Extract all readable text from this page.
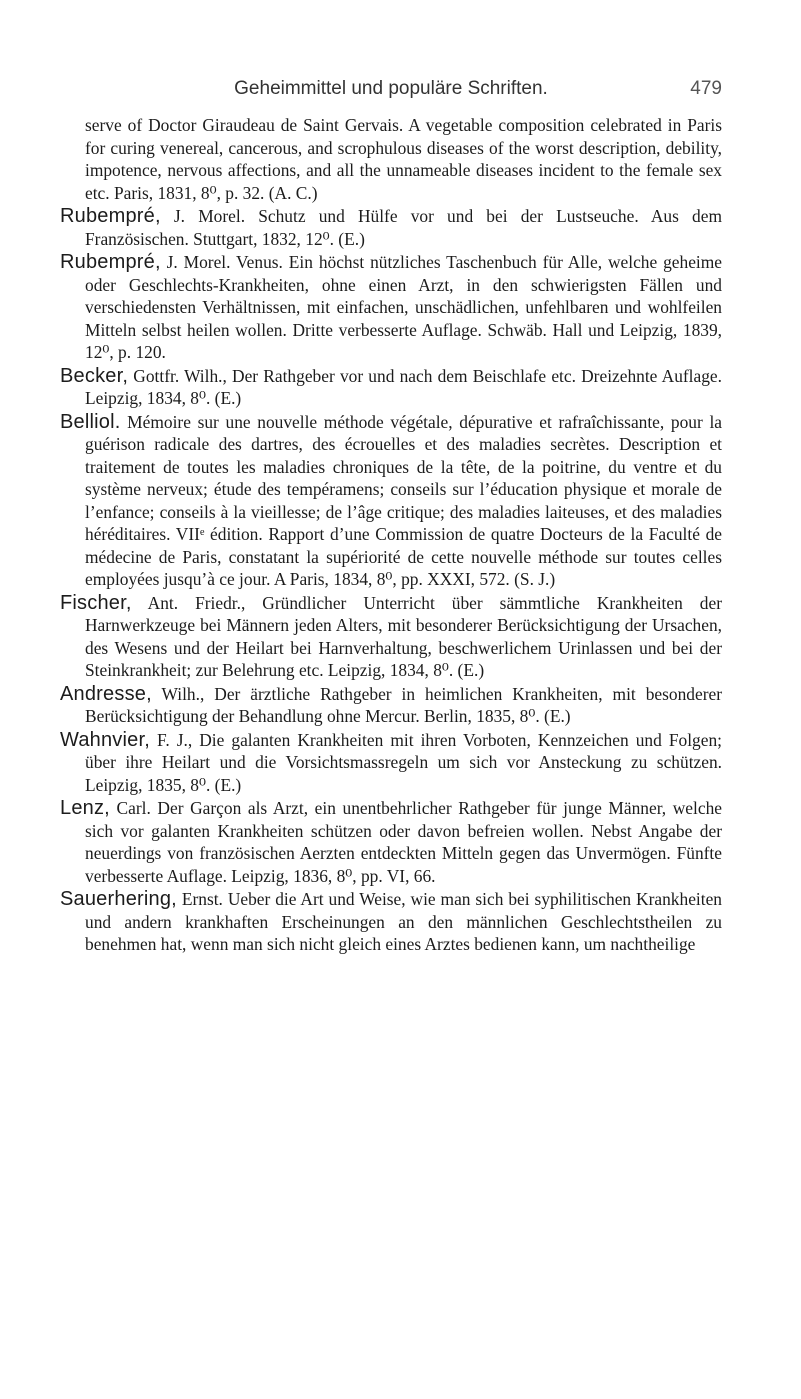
Geheimmittel und populäre Schriften.	479

serve of Doctor Giraudeau de Saint Gervais. A vegetable composition celebrated in Paris for curing venereal, cancerous, and scrophulous diseases of the worst description, debility, impotence, nervous affections, and all the unnameable diseases incident to the female sex etc. Paris, 1831, 8⁰, p. 32. (A. C.)

Rubempré, J. Morel. Schutz und Hülfe vor und bei der Lustseuche. Aus dem Französischen. Stuttgart, 1832, 12⁰. (E.)

Rubempré, J. Morel. Venus. Ein höchst nützliches Taschenbuch für Alle, welche geheime oder Geschlechts-Krankheiten, ohne einen Arzt, in den schwierigsten Fällen und verschiedensten Verhältnissen, mit einfachen, unschädlichen, unfehlbaren und wohlfeilen Mitteln selbst heilen wollen. Dritte verbesserte Auflage. Schwäb. Hall und Leipzig, 1839, 12⁰, p. 120.

Becker, Gottfr. Wilh., Der Rathgeber vor und nach dem Beischlafe etc. Dreizehnte Auflage. Leipzig, 1834, 8⁰. (E.)

Belliol. Mémoire sur une nouvelle méthode végétale, dépurative et rafraîchissante, pour la guérison radicale des dartres, des écrouelles et des maladies secrètes. Description et traitement de toutes les maladies chroniques de la tête, de la poitrine, du ventre et du système nerveux; étude des tempéramens; conseils sur l’éducation physique et morale de l’enfance; conseils à la vieillesse; de l’âge critique; des maladies laiteuses, et des maladies héréditaires. VIIᵉ édition. Rapport d’une Commission de quatre Docteurs de la Faculté de médecine de Paris, constatant la supériorité de cette nouvelle méthode sur toutes celles employées jusqu’à ce jour. A Paris, 1834, 8⁰, pp. XXXI, 572. (S. J.)

Fischer, Ant. Friedr., Gründlicher Unterricht über sämmtliche Krankheiten der Harnwerkzeuge bei Männern jeden Alters, mit besonderer Berücksichtigung der Ursachen, des Wesens und der Heilart bei Harnverhaltung, beschwerlichem Urinlassen und bei der Steinkrankheit; zur Belehrung etc. Leipzig, 1834, 8⁰. (E.)

Andresse, Wilh., Der ärztliche Rathgeber in heimlichen Krankheiten, mit besonderer Berücksichtigung der Behandlung ohne Mercur. Berlin, 1835, 8⁰. (E.)

Wahnvier, F. J., Die galanten Krankheiten mit ihren Vorboten, Kennzeichen und Folgen; über ihre Heilart und die Vorsichtsmassregeln um sich vor Ansteckung zu schützen. Leipzig, 1835, 8⁰. (E.)

Lenz, Carl. Der Garçon als Arzt, ein unentbehrlicher Rathgeber für junge Männer, welche sich vor galanten Krankheiten schützen oder davon befreien wollen. Nebst Angabe der neuerdings von französischen Aerzten entdeckten Mitteln gegen das Unvermögen. Fünfte verbesserte Auflage. Leipzig, 1836, 8⁰, pp. VI, 66.

Sauerhering, Ernst. Ueber die Art und Weise, wie man sich bei syphilitischen Krankheiten und andern krankhaften Erscheinungen an den männlichen Geschlechtstheilen zu benehmen hat, wenn man sich nicht gleich eines Arztes bedienen kann, um nachtheilige
